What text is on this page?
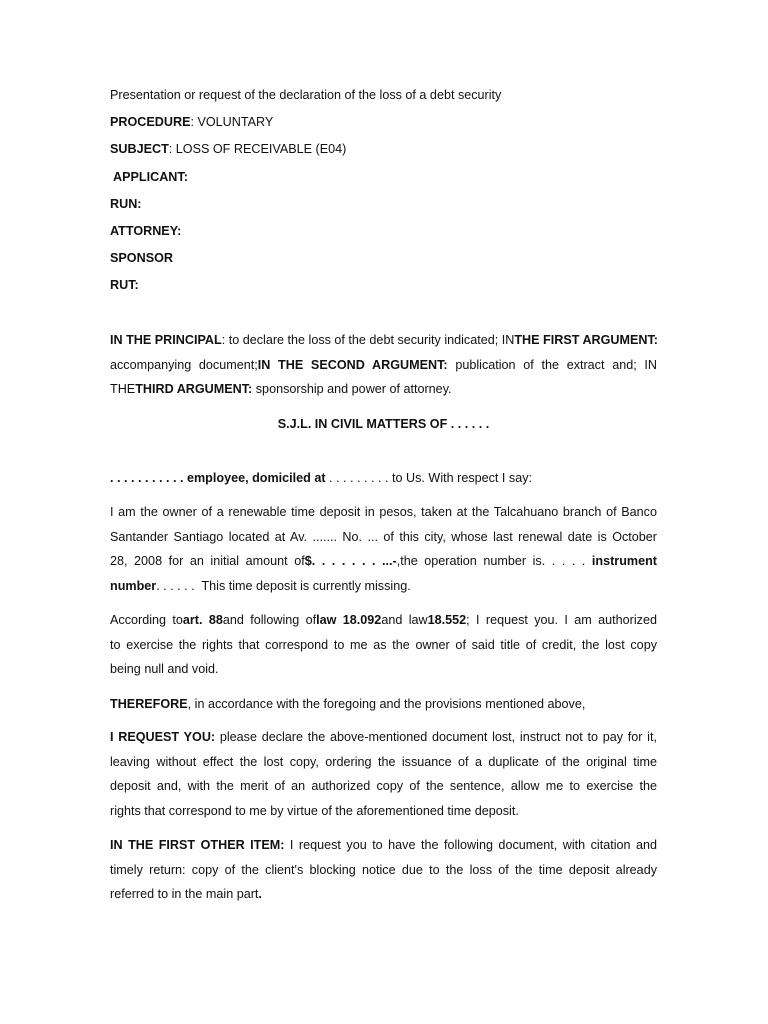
Presentation or request of the declaration of the loss of a debt security
PROCEDURE: VOLUNTARY
SUBJECT: LOSS OF RECEIVABLE (E04)
APPLICANT:
RUN:
ATTORNEY:
SPONSOR
RUT:
IN THE PRINCIPAL: to declare the loss of the debt security indicated; INTHE FIRST ARGUMENT:
accompanying document;IN THE SECOND ARGUMENT: publication of the extract and; IN
THETHIRD ARGUMENT: sponsorship and power of attorney.
S.J.L. IN CIVIL MATTERS OF . . . . . .
. . . . . . . . . . . employee, domiciled at . . . . . . . . . to Us. With respect I say:
I am the owner of a renewable time deposit in pesos, taken at the Talcahuano branch of Banco
Santander Santiago located at Av. ....... No. ... of this city, whose last renewal date is October
28, 2008 for an initial amount of$. . . . . . . ...-,the operation number is. . . . . instrument
number. . . . . .  This time deposit is currently missing.
According toart. 88and following oflaw 18.092and law18.552; I request you. I am authorized
to exercise the rights that correspond to me as the owner of said title of credit, the lost copy
being null and void.
THEREFORE, in accordance with the foregoing and the provisions mentioned above,
I REQUEST YOU: please declare the above-mentioned document lost, instruct not to pay for it,
leaving without effect the lost copy, ordering the issuance of a duplicate of the original time
deposit and, with the merit of an authorized copy of the sentence, allow me to exercise the
rights that correspond to me by virtue of the aforementioned time deposit.
IN THE FIRST OTHER ITEM: I request you to have the following document, with citation and
timely return: copy of the client's blocking notice due to the loss of the time deposit already
referred to in the main part.
